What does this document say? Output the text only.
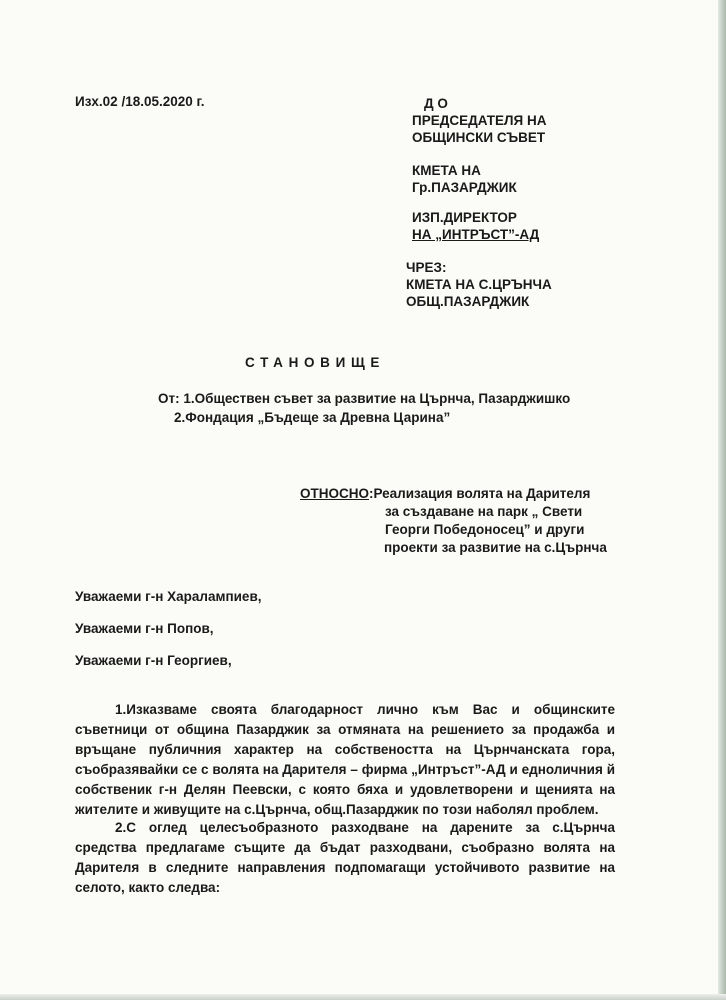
Изх.02 /18.05.2020 г.	Д О
ПРЕДСЕДАТЕЛЯ НА
ОБЩИНСКИ СЪВЕТ
КМЕТА НА
Гр.ПАЗАРДЖИК
ИЗП.ДИРЕКТОР
НА „ИНТРЪСТ”-АД
ЧРЕЗ:
КМЕТА НА С.ЦРЪНЧА
ОБЩ.ПАЗАРДЖИК
СТАНОВИЩЕ
От: 1.Обществен съвет за развитие на Църнча, Пазарджишко
2.Фондация „Бъдеще за Древна Царина”
ОТНОСНО:Реализация волята на Дарителя
за създаване на парк „ Свети
Георги Победоносец” и други
проекти за развитие на с.Църнча
Уважаеми г-н Харалампиев,
Уважаеми г-н Попов,
Уважаеми г-н Георгиев,
1.Изказваме своята благодарност лично към Вас и общинските съветници от община Пазарджик за отмяната на решението за продажба и връщане публичния характер на собствеността на Църнчанската гора, съобразявайки се с волята на Дарителя – фирма „Интръст”-АД и едноличния й собственик г-н Делян Пеевски, с която бяха и удовлетворени и щенията на жителите и живущите на с.Църнча, общ.Пазарджик по този наболял проблем.
2.С оглед целесъобразното разходване на дарените за с.Църнча средства предлагаме същите да бъдат разходвани, съобразно волята на Дарителя в следните направления подпомагащи устойчивото развитие на селото, както следва:
